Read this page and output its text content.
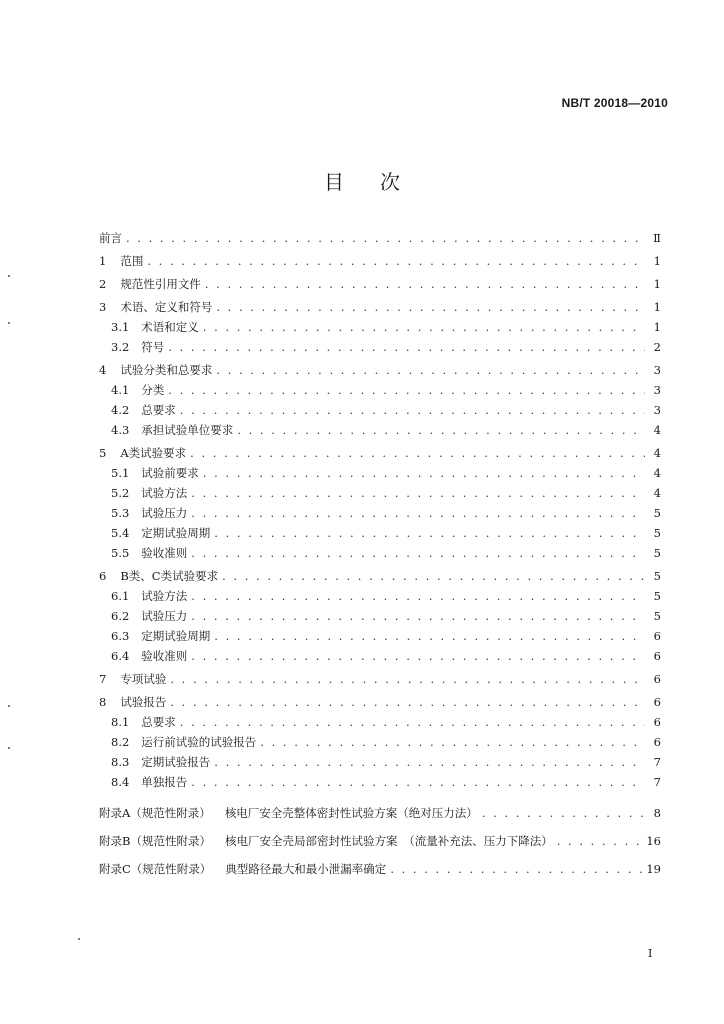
NB/T 20018—2010
目次
前言 . . .	Ⅱ
1 范围 . . .	1
2 规范性引用文件 . . .	1
3 术语、定义和符号 . . .	1
3.1 术语和定义 . . .	1
3.2 符号 . . .	2
4 试验分类和总要求 . . .	3
4.1 分类 . . .	3
4.2 总要求 . . .	3
4.3 承担试验单位要求 . . .	4
5 A类试验要求 . . .	4
5.1 试验前要求 . . .	4
5.2 试验方法 . . .	4
5.3 试验压力 . . .	5
5.4 定期试验周期 . . .	5
5.5 验收准则 . . .	5
6 B类、C类试验要求 . . .	5
6.1 试验方法 . . .	5
6.2 试验压力 . . .	5
6.3 定期试验周期 . . .	6
6.4 验收准则 . . .	6
7 专项试验 . . .	6
8 试验报告 . . .	6
8.1 总要求 . . .	6
8.2 运行前试验的试验报告 . . .	6
8.3 定期试验报告 . . .	7
8.4 单独报告 . . .	7
附录A（规范性附录） 核电厂安全壳整体密封性试验方案（绝对压力法） . . .	8
附录B（规范性附录） 核电厂安全壳局部密封性试验方案　（流量补充法、压力下降法） . . .	16
附录C（规范性附录） 典型路径最大和最小泄漏率确定 . . .	19
I
